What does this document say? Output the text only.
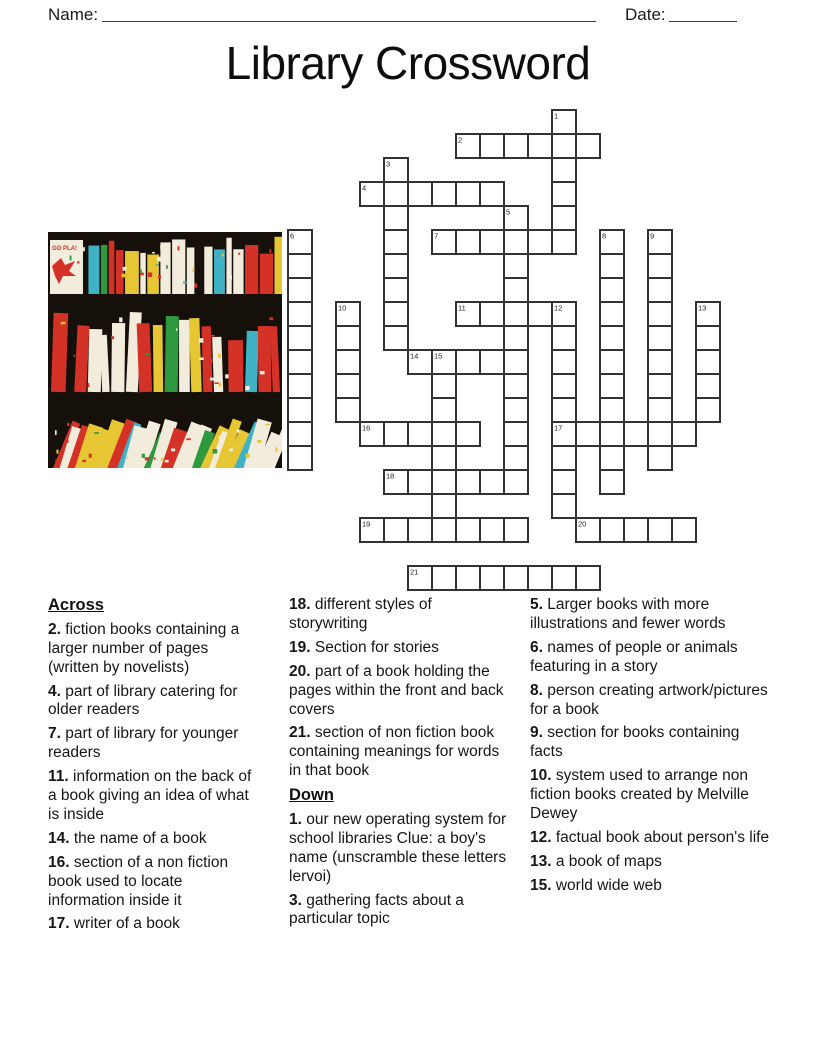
Name:	Date:
Library Crossword
GO PLA!
2
4
7
11
14
16	17
18
19	20
21
1
3
5
6	8	9
10	12	13
15
Across

2. fiction books containing a larger number of pages (written by novelists)

4. part of library catering for older readers

7. part of library for younger readers

11. information on the back of a book giving an idea of what is inside

14. the name of a book

16. section of a non fiction book used to locate information inside it

17. writer of a book

18. different styles of storywriting

19. Section for stories

20. part of a book holding the pages within the front and back covers

21. section of non fiction book containing meanings for words in that book

Down

1. our new operating system for school libraries Clue: a boy's name (unscramble these letters lervoi)

3. gathering facts about a particular topic

5. Larger books with more illustrations and fewer words

6. names of people or animals featuring in a story

8. person creating artwork/pictures for a book

9. section for books containing facts

10. system used to arrange non fiction books created by Melville Dewey

12. factual book about person's life

13. a book of maps

15. world wide web
